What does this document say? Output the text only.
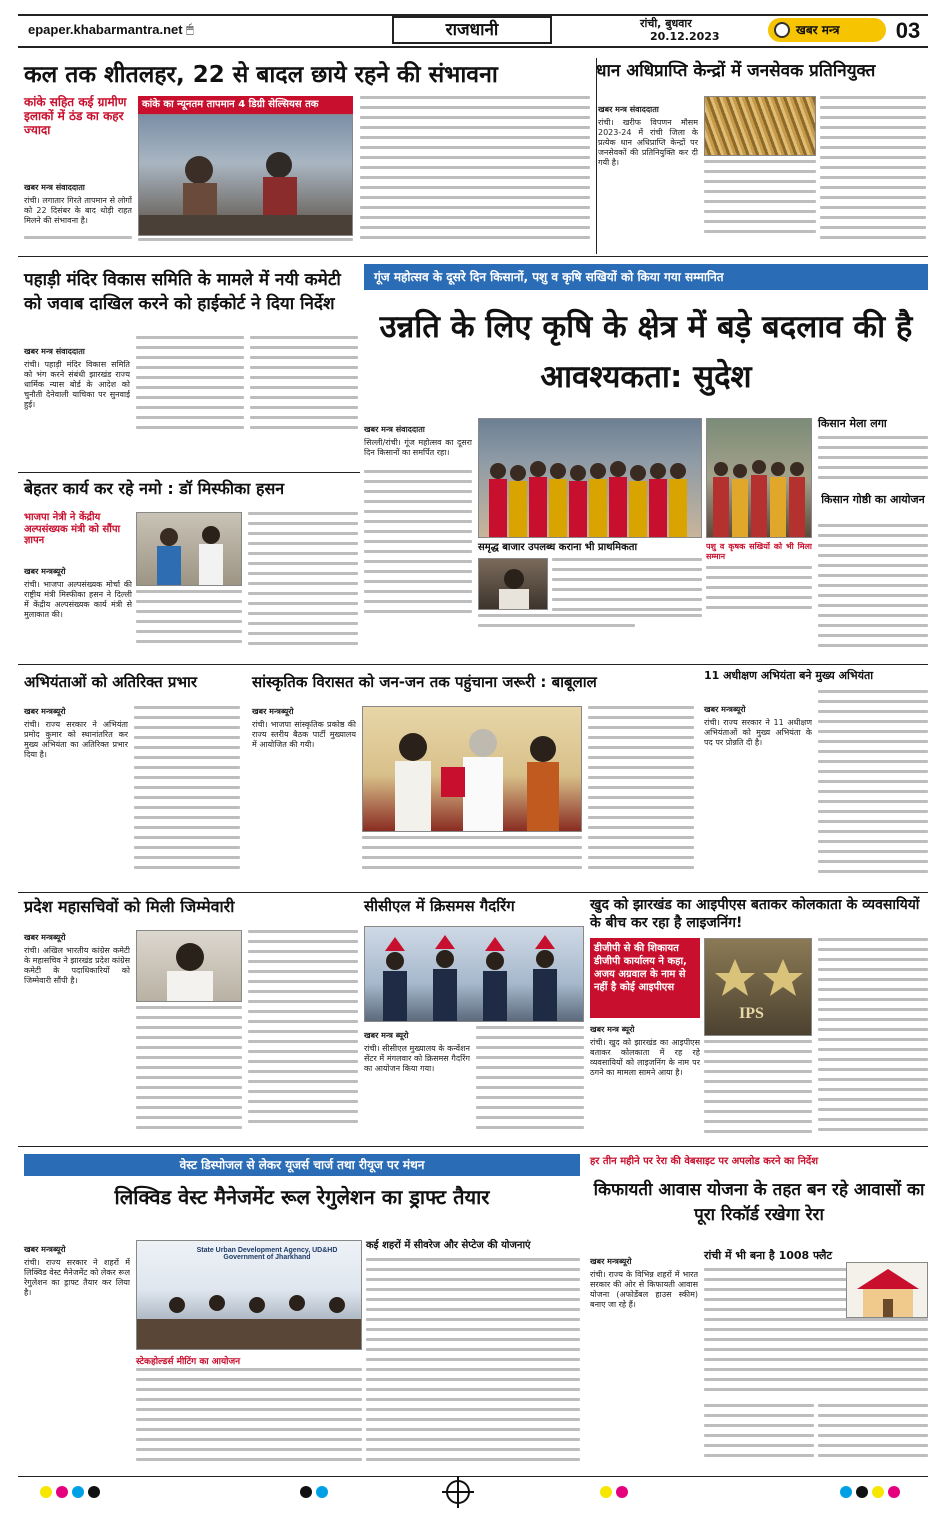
epaper.khabarmantra.net 🖱	राजधानी	रांची, बुधवार
20.12.2023	खबर मन्त्र	03
कल तक शीतलहर, 22 से बादल छाये रहने की संभावना
कांके सहित कई ग्रामीण इलाकों में ठंड का कहर ज्यादा
कांके का न्यूनतम तापमान 4 डिग्री सेल्सियस तक
खबर मन्त्र संवाददाता
रांची। लगातार गिरते तापमान से लोगों को 22 दिसंबर के बाद थोड़ी राहत मिलने की संभावना है।
धान अधिप्राप्ति केन्द्रों में जनसेवक प्रतिनियुक्त
खबर मन्त्र संवाददाता
रांची। खरीफ विपणन मौसम 2023-24 में रांची जिला के प्रत्येक धान अधिप्राप्ति केन्द्रों पर जनसेवकों की प्रतिनियुक्ति कर दी गयी है।
पहाड़ी मंदिर विकास समिति के मामले में नयी कमेटी को जवाब दाखिल करने को हाईकोर्ट ने दिया निर्देश
खबर मन्त्र संवाददाता
रांची। पहाड़ी मंदिर विकास समिति को भंग करने संबंधी झारखंड राज्य धार्मिक न्यास बोर्ड के आदेश को चुनौती देनेवाली याचिका पर सुनवाई हुई।
गूंज महोत्सव के दूसरे दिन किसानों, पशु व कृषि सखियों को किया गया सम्मानित
उन्नति के लिए कृषि के क्षेत्र में बड़े बदलाव की है आवश्यकता: सुदेश
खबर मन्त्र संवाददाता
सिल्ली/रांची। गूंज महोत्सव का दूसरा दिन किसानों का समर्पित रहा।
किसान मेला लगा
किसान गोष्ठी का आयोजन
समृद्ध बाजार उपलब्ध कराना भी प्राथमिकता	पशु व कृषक सखियों को भी मिला सम्मान
बेहतर कार्य कर रहे नमो : डॉ मिस्फीका हसन
भाजपा नेत्री ने केंद्रीय अल्पसंख्यक मंत्री को सौंपा ज्ञापन
खबर मन्त्रब्यूरो
रांची। भाजपा अल्पसंख्यक मोर्चा की राष्ट्रीय मंत्री मिस्फीका हसन ने दिल्ली में केंद्रीय अल्पसंख्यक कार्य मंत्री से मुलाकात की।
अभियंताओं को अतिरिक्त प्रभार
खबर मन्त्रब्यूरो
रांची। राज्य सरकार ने अभियंता प्रमोद कुमार को स्थानांतरित कर मुख्य अभियंता का अतिरिक्त प्रभार दिया है।
सांस्कृतिक विरासत को जन-जन तक पहुंचाना जरूरी : बाबूलाल
खबर मन्त्रब्यूरो
रांची। भाजपा सांस्कृतिक प्रकोष्ठ की राज्य स्तरीय बैठक पार्टी मुख्यालय में आयोजित की गयी।
11 अधीक्षण अभियंता बने मुख्य अभियंता
खबर मन्त्रब्यूरो
रांची। राज्य सरकार ने 11 अधीक्षण अभियंताओं को मुख्य अभियंता के पद पर प्रोन्नति दी है।
प्रदेश महासचिवों को मिली जिम्मेवारी
खबर मन्त्रब्यूरो
रांची। अखिल भारतीय कांग्रेस कमेटी के महासचिव ने झारखंड प्रदेश कांग्रेस कमेटी के पदाधिकारियों को जिम्मेवारी सौंपी है।
सीसीएल में क्रिसमस गैदरिंग
खबर मन्त्र ब्यूरो
रांची। सीसीएल मुख्यालय के कन्वेंशन सेंटर में मंगलवार को क्रिसमस गैदरिंग का आयोजन किया गया।
खुद को झारखंड का आइपीएस बताकर कोलकाता के व्यवसायियों के बीच कर रहा है लाइजनिंग!
डीजीपी से की शिकायत डीजीपी कार्यालय ने कहा, अजय अग्रवाल के नाम से नहीं है कोई आइपीएस
IPS
खबर मन्त्र ब्यूरो
रांची। खुद को झारखंड का आइपीएस बताकर कोलकाता में रह रहे व्यवसायियों को लाइजनिंग के नाम पर ठगने का मामला सामने आया है।
वेस्ट डिस्पोजल से लेकर यूजर्स चार्ज तथा रीयूज पर मंथन
लिक्विड वेस्ट मैनेजमेंट रूल रेगुलेशन का ड्राफ्ट तैयार
खबर मन्त्रब्यूरो
रांची। राज्य सरकार ने शहरों में लिक्विड वेस्ट मैनेजमेंट को लेकर रूल रेगुलेशन का ड्राफ्ट तैयार कर लिया है।
State Urban Development Agency, UD&HD Government of Jharkhand
स्टेकहोल्डर्स मीटिंग का आयोजन
कई शहरों में सीवरेज और सेप्टेज की योजनाएं
हर तीन महीने पर रेरा की वेबसाइट पर अपलोड करने का निर्देश
किफायती आवास योजना के तहत बन रहे आवासों का पूरा रिकॉर्ड रखेगा रेरा
रांची में भी बना है 1008 फ्लैट
खबर मन्त्रब्यूरो
रांची। राज्य के विभिन्न शहरों में भारत सरकार की ओर से किफायती आवास योजना (अफोर्डेबल हाउस स्कीम) बनाए जा रहे हैं।
